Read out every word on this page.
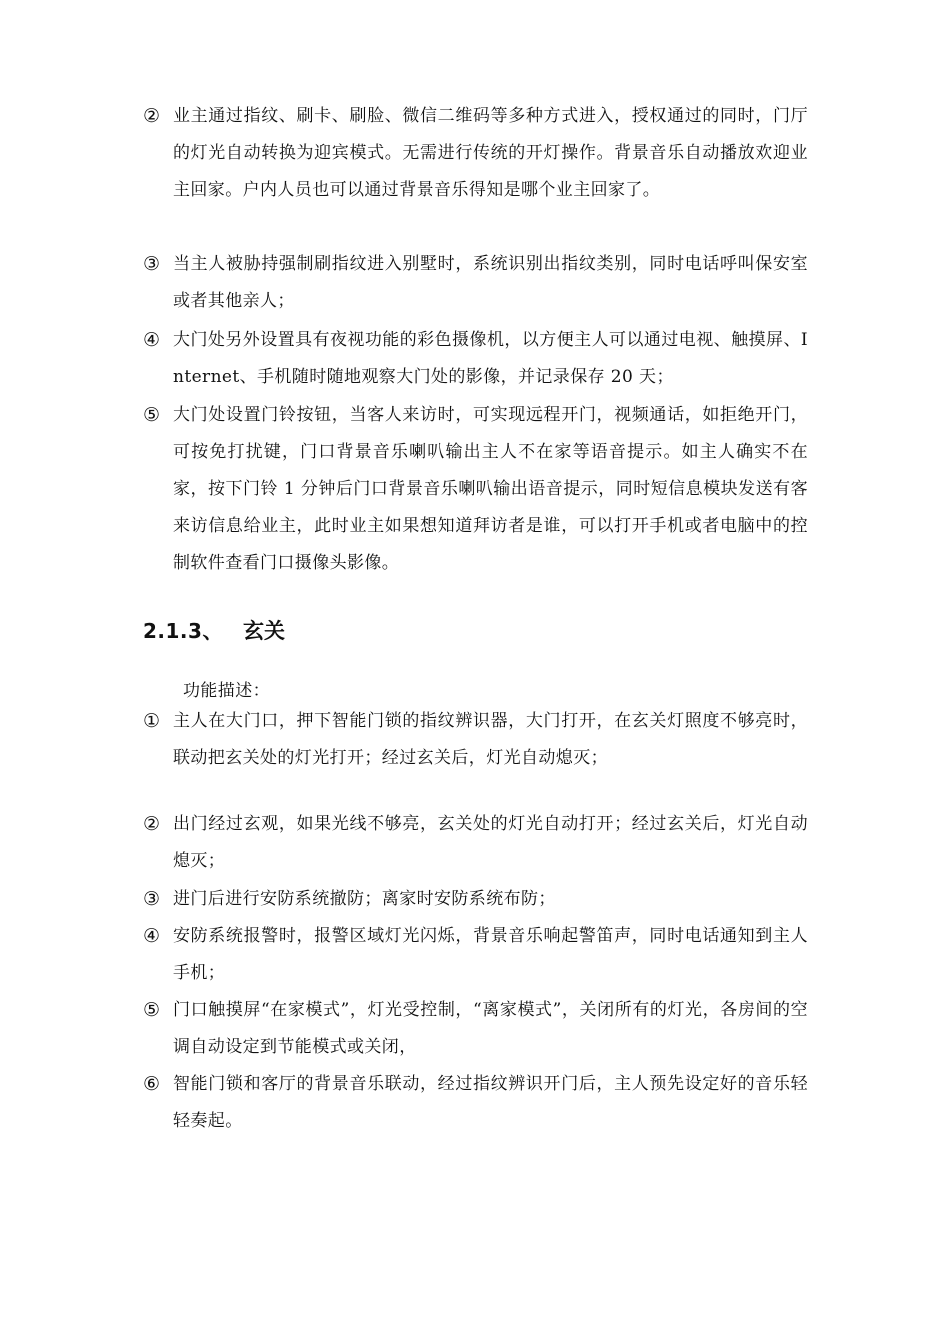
② 业主通过指纹、刷卡、刷脸、微信二维码等多种方式进入，授权通过的同时，门厅的灯光自动转换为迎宾模式。无需进行传统的开灯操作。背景音乐自动播放欢迎业主回家。户内人员也可以通过背景音乐得知是哪个业主回家了。
③ 当主人被胁持强制刷指纹进入别墅时，系统识别出指纹类别，同时电话呼叫保安室或者其他亲人；
④ 大门处另外设置具有夜视功能的彩色摄像机，以方便主人可以通过电视、触摸屏、Internet、手机随时随地观察大门处的影像，并记录保存 20 天；
⑤ 大门处设置门铃按钮，当客人来访时，可实现远程开门，视频通话，如拒绝开门，可按免打扰键，门口背景音乐喇叭输出主人不在家等语音提示。如主人确实不在家，按下门铃 1 分钟后门口背景音乐喇叭输出语音提示，同时短信息模块发送有客来访信息给业主，此时业主如果想知道拜访者是谁，可以打开手机或者电脑中的控制软件查看门口摄像头影像。
2.1.3、 玄关
功能描述：
① 主人在大门口，押下智能门锁的指纹辨识器，大门打开，在玄关灯照度不够亮时，联动把玄关处的灯光打开；经过玄关后，灯光自动熄灭；
② 出门经过玄观，如果光线不够亮，玄关处的灯光自动打开；经过玄关后，灯光自动熄灭；
③ 进门后进行安防系统撤防；离家时安防系统布防；
④ 安防系统报警时，报警区域灯光闪烁，背景音乐响起警笛声，同时电话通知到主人手机；
⑤ 门口触摸屏“在家模式”，灯光受控制，“离家模式”，关闭所有的灯光，各房间的空调自动设定到节能模式或关闭，
⑥ 智能门锁和客厅的背景音乐联动，经过指纹辨识开门后，主人预先设定好的音乐轻轻奏起。
